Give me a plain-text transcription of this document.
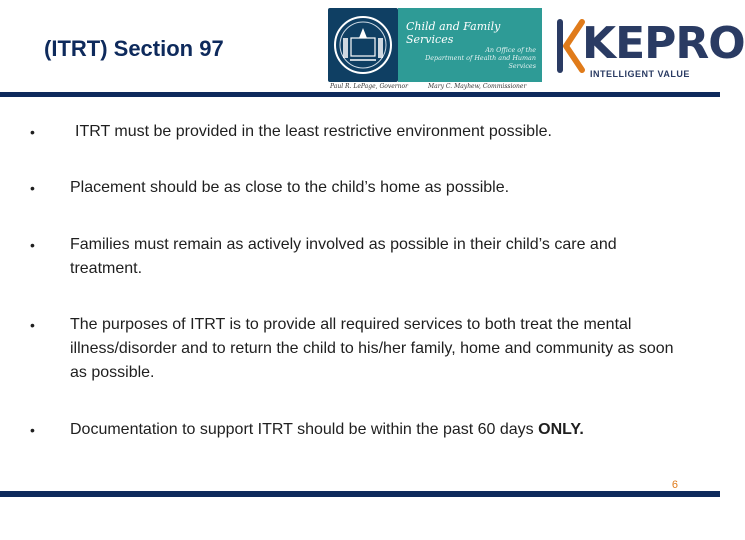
(ITRT) Section 97
Child and Family Services
An Office of the
Department of Health and Human Services
Paul R. LePage, Governor	Mary C. Mayhew, Commissioner
KEPRO
INTELLIGENT VALUE
•	ITRT must be provided in the least restrictive environment possible.
• Placement should be as close to the child’s home as possible.
• Families must remain as actively involved as possible in their child’s care and treatment.
• The purposes of ITRT is to provide all required services to both treat the mental illness/disorder and to return the child to his/her family, home and community as soon as possible.
• Documentation to support ITRT should be within the past 60 days ONLY.
6
